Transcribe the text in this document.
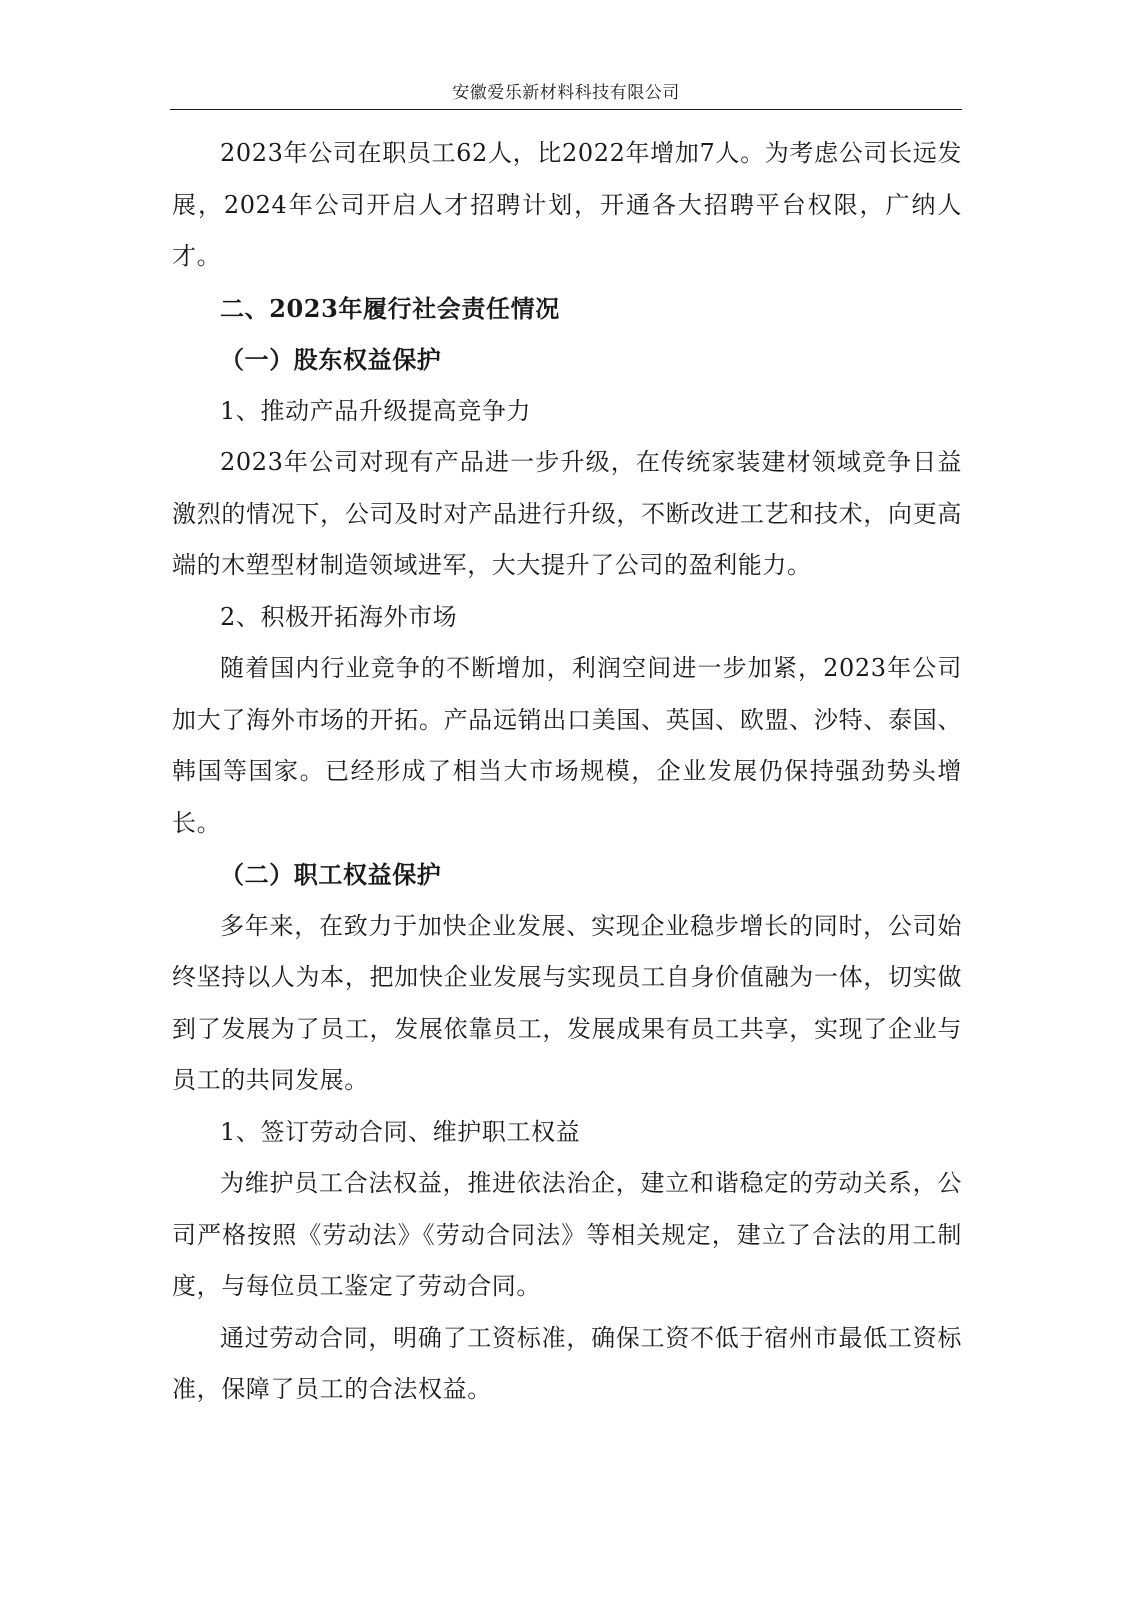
安徽爱乐新材料科技有限公司

2023年公司在职员工62人，比2022年增加7人。为考虑公司长远发展，2024年公司开启人才招聘计划，开通各大招聘平台权限，广纳人才。

二、2023年履行社会责任情况

（一）股东权益保护

1、推动产品升级提高竞争力

2023年公司对现有产品进一步升级，在传统家装建材领域竞争日益激烈的情况下，公司及时对产品进行升级，不断改进工艺和技术，向更高端的木塑型材制造领域进军，大大提升了公司的盈利能力。

2、积极开拓海外市场

随着国内行业竞争的不断增加，利润空间进一步加紧，2023年公司加大了海外市场的开拓。产品远销出口美国、英国、欧盟、沙特、泰国、韩国等国家。已经形成了相当大市场规模，企业发展仍保持强劲势头增长。

（二）职工权益保护

多年来，在致力于加快企业发展、实现企业稳步增长的同时，公司始终坚持以人为本，把加快企业发展与实现员工自身价值融为一体，切实做到了发展为了员工，发展依靠员工，发展成果有员工共享，实现了企业与员工的共同发展。

1、签订劳动合同、维护职工权益

为维护员工合法权益，推进依法治企，建立和谐稳定的劳动关系，公司严格按照《劳动法》《劳动合同法》等相关规定，建立了合法的用工制度，与每位员工鉴定了劳动合同。

通过劳动合同，明确了工资标准，确保工资不低于宿州市最低工资标准，保障了员工的合法权益。
